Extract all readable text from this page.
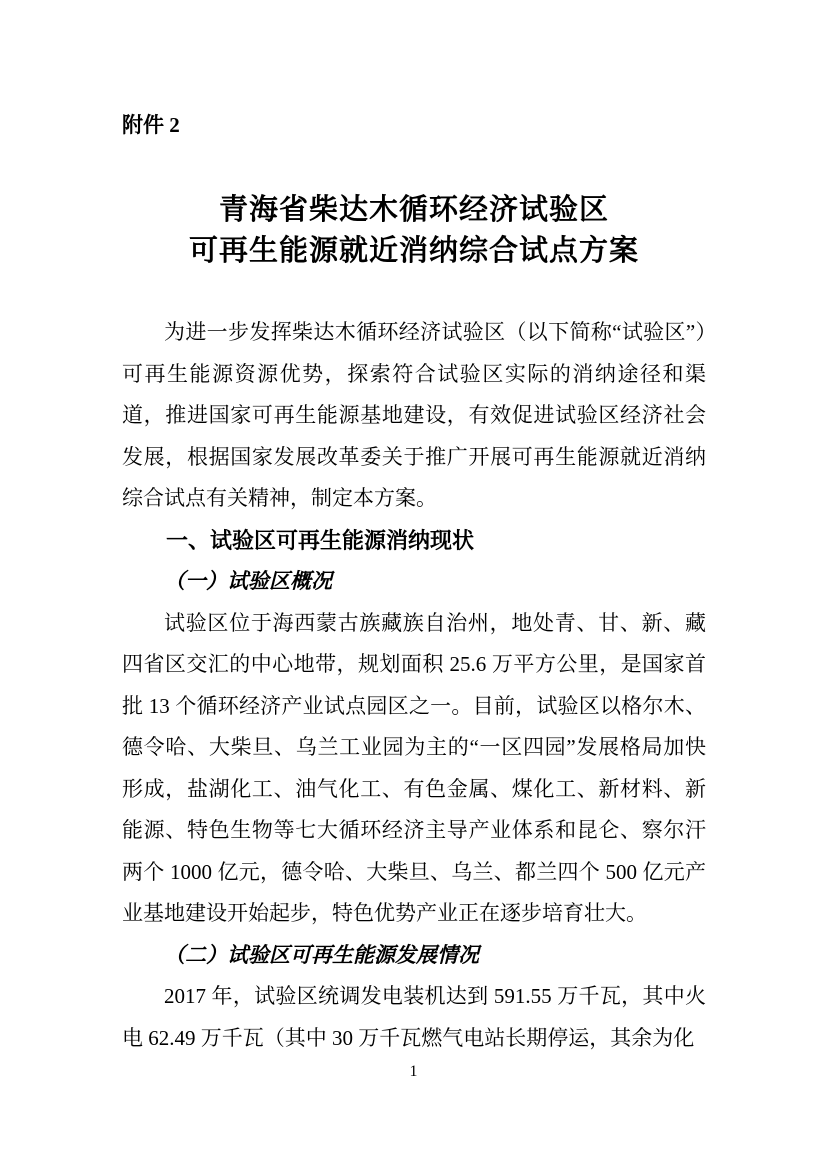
附件 2
青海省柴达木循环经济试验区
可再生能源就近消纳综合试点方案

为进一步发挥柴达木循环经济试验区（以下简称“试验区”）可再生能源资源优势，探索符合试验区实际的消纳途径和渠道，推进国家可再生能源基地建设，有效促进试验区经济社会发展，根据国家发展改革委关于推广开展可再生能源就近消纳综合试点有关精神，制定本方案。

一、试验区可再生能源消纳现状
（一）试验区概况

试验区位于海西蒙古族藏族自治州，地处青、甘、新、藏四省区交汇的中心地带，规划面积 25.6 万平方公里，是国家首批 13 个循环经济产业试点园区之一。目前，试验区以格尔木、德令哈、大柴旦、乌兰工业园为主的“一区四园”发展格局加快形成，盐湖化工、油气化工、有色金属、煤化工、新材料、新能源、特色生物等七大循环经济主导产业体系和昆仑、察尔汗两个 1000 亿元，德令哈、大柴旦、乌兰、都兰四个 500 亿元产业基地建设开始起步，特色优势产业正在逐步培育壮大。

（二）试验区可再生能源发展情况

2017 年，试验区统调发电装机达到 591.55 万千瓦，其中火电 62.49 万千瓦（其中 30 万千瓦燃气电站长期停运，其余为化

1
